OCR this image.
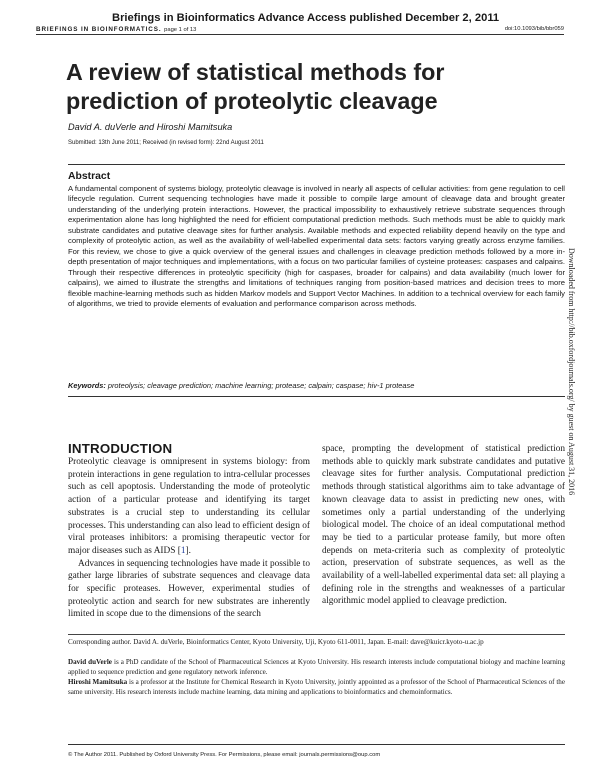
Briefings in Bioinformatics Advance Access published December 2, 2011
BRIEFINGS IN BIOINFORMATICS. page 1 of 13	doi:10.1093/bib/bbr059
A review of statistical methods for prediction of proteolytic cleavage
David A. duVerle and Hiroshi Mamitsuka
Submitted: 13th June 2011; Received (in revised form): 22nd August 2011
Abstract
A fundamental component of systems biology, proteolytic cleavage is involved in nearly all aspects of cellular activities: from gene regulation to cell lifecycle regulation. Current sequencing technologies have made it possible to compile large amount of cleavage data and brought greater understanding of the underlying protein interactions. However, the practical impossibility to exhaustively retrieve substrate sequences through experimentation alone has long highlighted the need for efficient computational prediction methods. Such methods must be able to quickly mark substrate candidates and putative cleavage sites for further analysis. Available methods and expected reliability depend heavily on the type and complexity of proteolytic action, as well as the availability of well-labelled experimental data sets: factors varying greatly across enzyme families. For this review, we chose to give a quick overview of the general issues and challenges in cleavage prediction methods followed by a more in-depth presentation of major techniques and implementations, with a focus on two particular families of cysteine proteases: caspases and calpains. Through their respective differences in proteolytic specificity (high for caspases, broader for calpains) and data availability (much lower for calpains), we aimed to illustrate the strengths and limitations of techniques ranging from position-based matrices and decision trees to more flexible machine-learning methods such as hidden Markov models and Support Vector Machines. In addition to a technical overview for each family of algorithms, we tried to provide elements of evaluation and performance comparison across methods.
Keywords: proteolysis; cleavage prediction; machine learning; protease; calpain; caspase; hiv-1 protease
INTRODUCTION

Proteolytic cleavage is omnipresent in systems biology: from protein interactions in gene regulation to intra-cellular processes such as cell apoptosis. Understanding the mode of proteolytic action of a particular protease and identifying its target substrates is a crucial step to understanding its cellular processes. This understanding can also lead to efficient design of viral proteases inhibitors: a promising therapeutic vector for major diseases such as AIDS [1].

Advances in sequencing technologies have made it possible to gather large libraries of substrate sequences and cleavage data for specific proteases. However, experimental studies of proteolytic action and search for new substrates are inherently limited in scope due to the dimensions of the search

space, prompting the development of statistical prediction methods able to quickly mark substrate candidates and putative cleavage sites for further analysis. Computational prediction methods through statistical algorithms aim to take advantage of known cleavage data to assist in predicting new ones, with sometimes only a partial understanding of the underlying biological model. The choice of an ideal computational method may be tied to a particular protease family, but more often depends on meta-criteria such as complexity of proteolytic action, preservation of substrate sequences, as well as the availability of a well-labelled experimental data set: all playing a defining role in the strengths and weaknesses of a particular algorithmic model applied to cleavage prediction.

Corresponding author. David A. duVerle, Bioinformatics Center, Kyoto University, Uji, Kyoto 611-0011, Japan. E-mail: dave@kuicr.kyoto-u.ac.jp
David duVerle is a PhD candidate of the School of Pharmaceutical Sciences at Kyoto University. His research interests include computational biology and machine learning applied to sequence prediction and gene regulatory network inference.
Hiroshi Mamitsuka is a professor at the Institute for Chemical Research in Kyoto University, jointly appointed as a professor of the School of Pharmaceutical Sciences of the same university. His research interests include machine learning, data mining and applications to bioinformatics and chemoinformatics.
© The Author 2011. Published by Oxford University Press. For Permissions, please email: journals.permissions@oup.com
Downloaded from http://bib.oxfordjournals.org/ by guest on August 31, 2016
